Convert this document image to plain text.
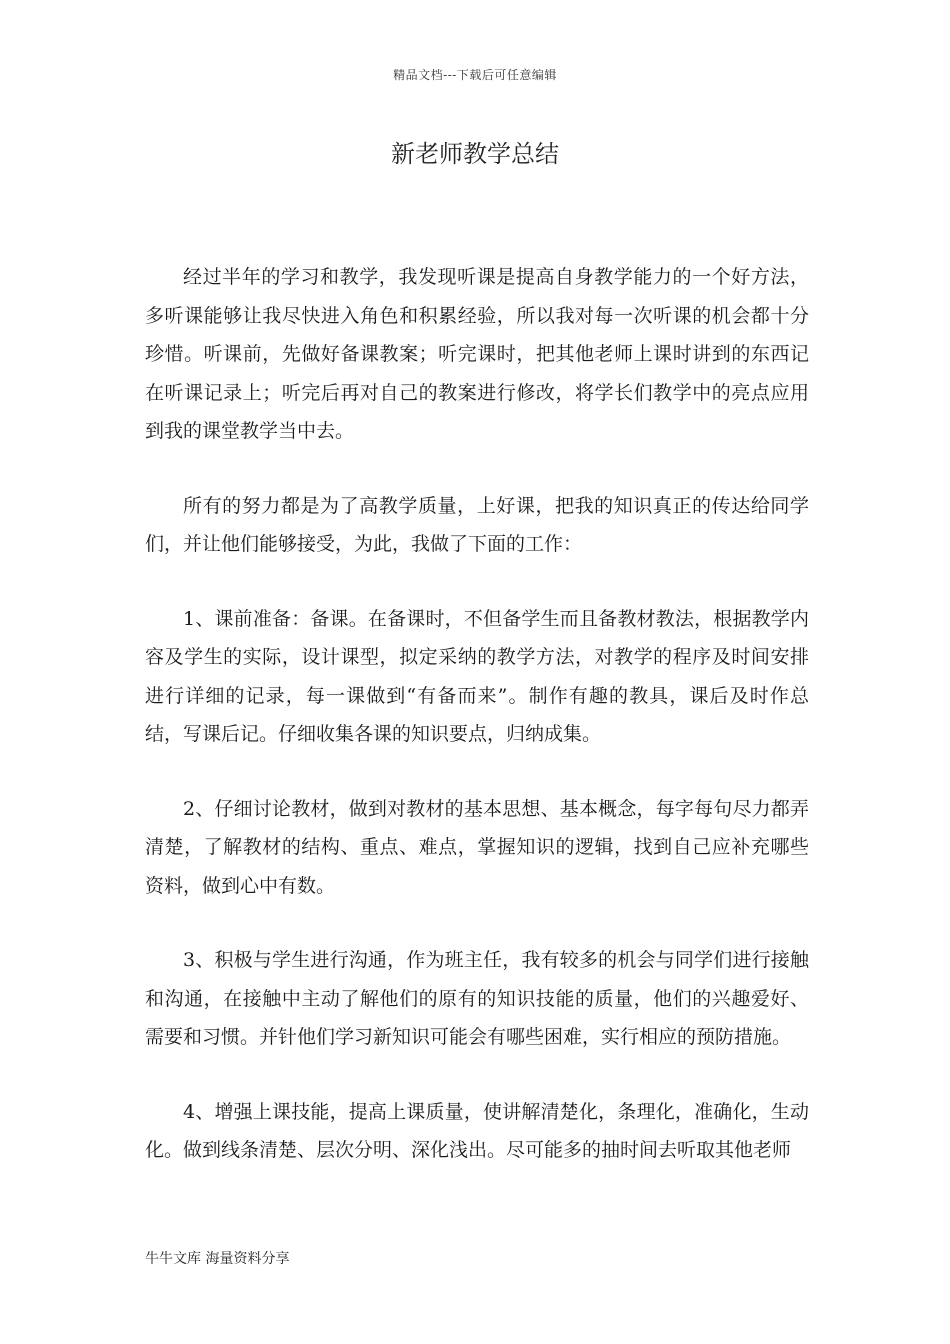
精品文档---下载后可任意编辑
新老师教学总结

经过半年的学习和教学，我发现听课是提高自身教学能力的一个好方法，多听课能够让我尽快进入角色和积累经验，所以我对每一次听课的机会都十分珍惜。听课前，先做好备课教案；听完课时，把其他老师上课时讲到的东西记在听课记录上；听完后再对自己的教案进行修改，将学长们教学中的亮点应用到我的课堂教学当中去。

所有的努力都是为了高教学质量，上好课，把我的知识真正的传达给同学们，并让他们能够接受，为此，我做了下面的工作：

1、课前准备：备课。在备课时，不但备学生而且备教材教法，根据教学内容及学生的实际，设计课型，拟定采纳的教学方法，对教学的程序及时间安排进行详细的记录，每一课做到“有备而来”。制作有趣的教具，课后及时作总结，写课后记。仔细收集各课的知识要点，归纳成集。

2、仔细讨论教材，做到对教材的基本思想、基本概念，每字每句尽力都弄清楚，了解教材的结构、重点、难点，掌握知识的逻辑，找到自己应补充哪些资料，做到心中有数。

3、积极与学生进行沟通，作为班主任，我有较多的机会与同学们进行接触和沟通，在接触中主动了解他们的原有的知识技能的质量，他们的兴趣爱好、需要和习惯。并针他们学习新知识可能会有哪些困难，实行相应的预防措施。

4、增强上课技能，提高上课质量，使讲解清楚化，条理化，准确化，生动化。做到线条清楚、层次分明、深化浅出。尽可能多的抽时间去听取其他老师

牛牛文库 海量资料分享
